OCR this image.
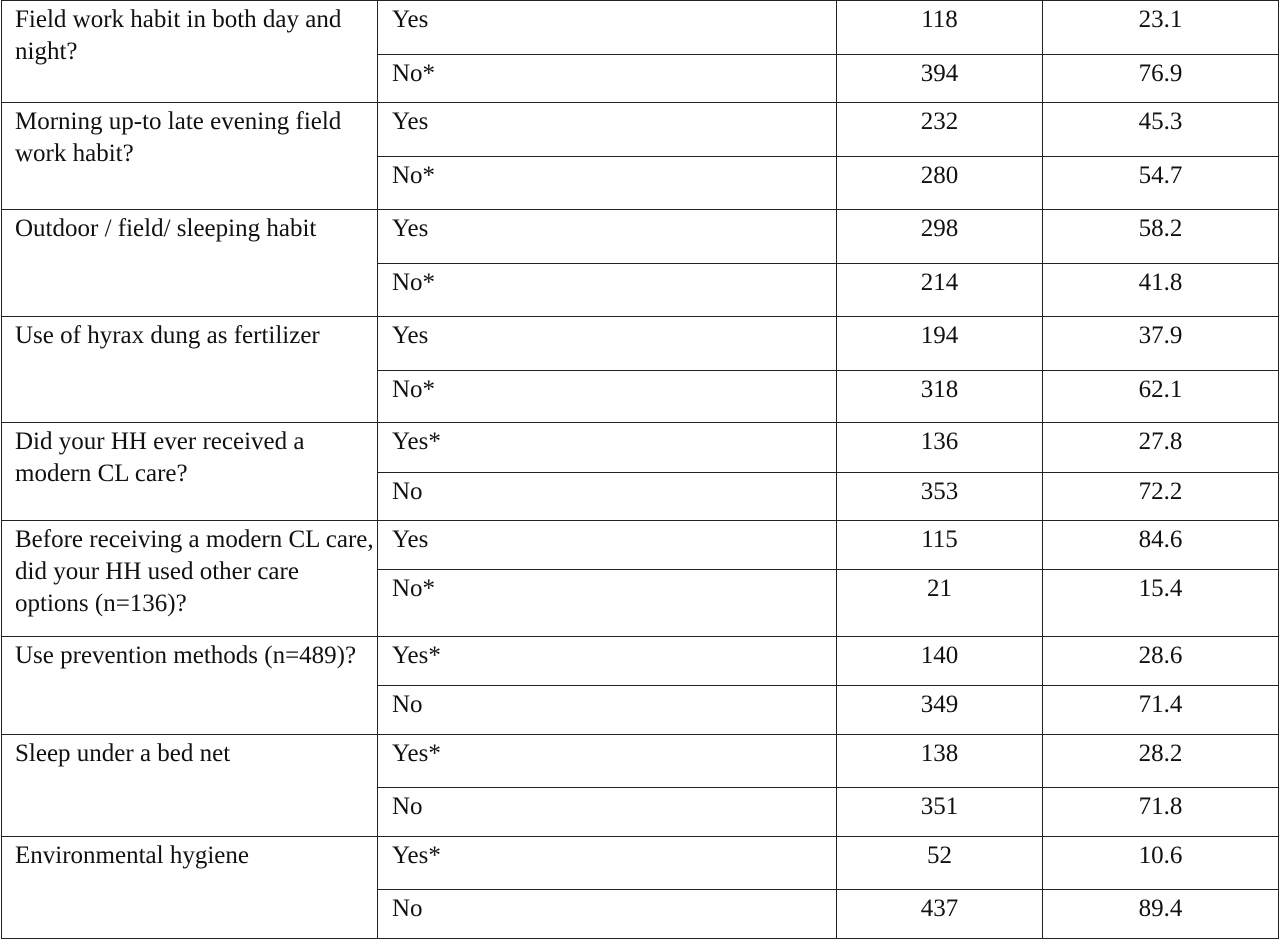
Field work habit in both day and night?	Yes	118	23.1
	No*	394	76.9
Morning up-to late evening field work habit?	Yes	232	45.3
	No*	280	54.7
Outdoor / field/ sleeping habit	Yes	298	58.2
	No*	214	41.8
Use of hyrax dung as fertilizer	Yes	194	37.9
	No*	318	62.1
Did your HH ever received a modern CL care?	Yes*	136	27.8
	No	353	72.2
Before receiving a modern CL care, did your HH used other care options (n=136)?	Yes	115	84.6
	No*	21	15.4
Use prevention methods (n=489)?	Yes*	140	28.6
	No	349	71.4
Sleep under a bed net	Yes*	138	28.2
	No	351	71.8
Environmental hygiene	Yes*	52	10.6
	No	437	89.4
